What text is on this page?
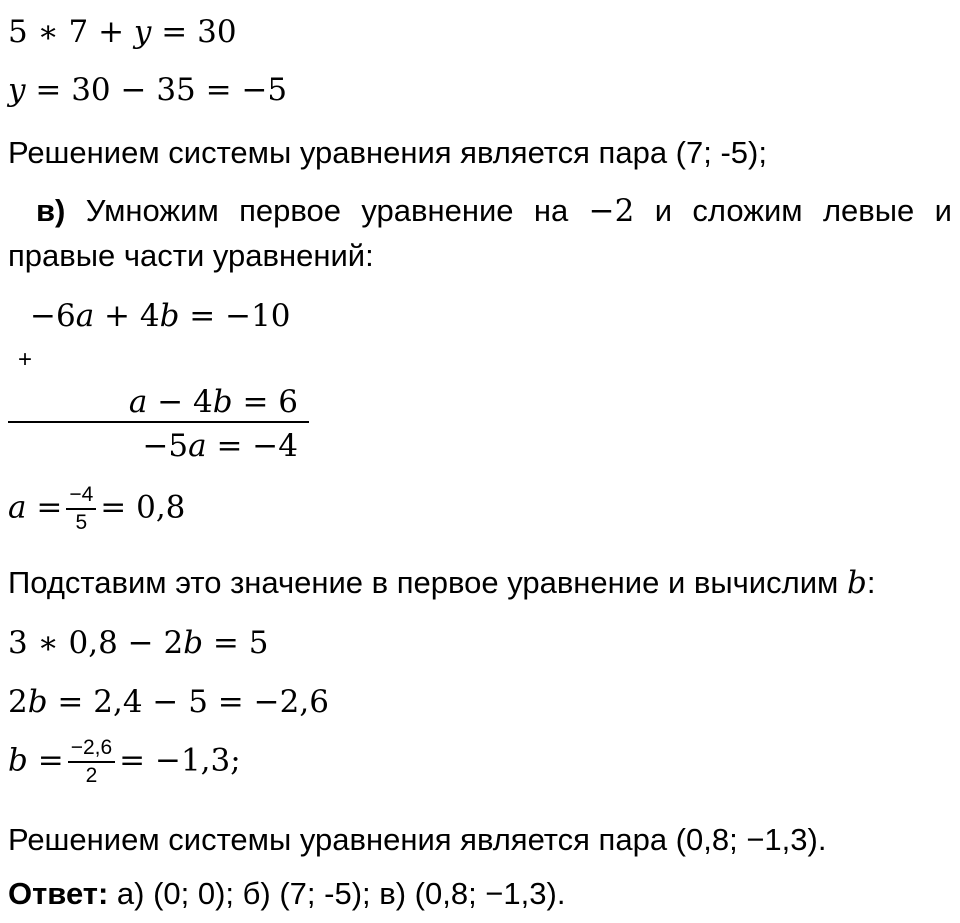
5 ∗ 7 + 𝑦 = 30
𝑦 = 30 − 35 = −5
Решением системы уравнения является пара (7; -5);
в) Умножим первое уравнение на −2 и сложим левые и
правые части уравнений:
−6𝑎 + 4𝑏 = −10
+
𝑎 − 4𝑏 = 6
−5𝑎 = −4
𝑎 = $\frac{-4}{5} = 0,8$
Подставим это значение в первое уравнение и вычислим 𝑏:
3 ∗ 0,8 − 2𝑏 = 5
2𝑏 = 2,4 − 5 = −2,6
𝑏 = $\frac{-2,6}{2} = -1,3$;
Решением системы уравнения является пара (0,8; −1,3).
Ответ: а) (0; 0); б) (7; -5); в) (0,8; −1,3).
